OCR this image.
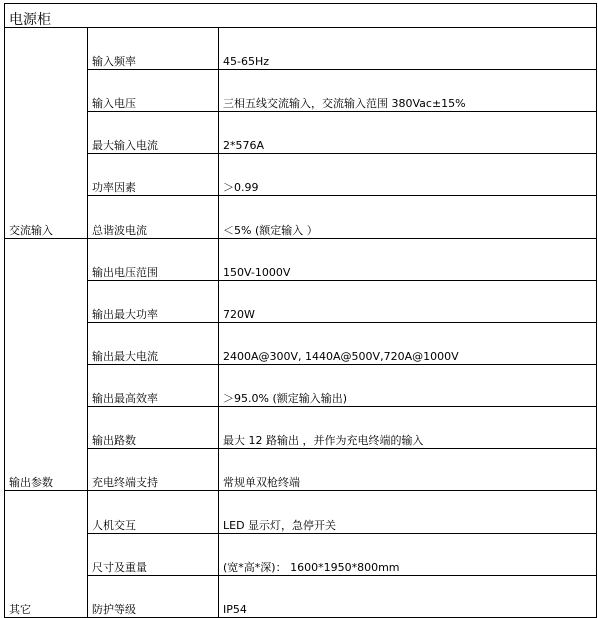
电源柜		
交流输入	输入频率	45-65Hz
	输入电压	三相五线交流输入，交流输入范围 380Vac±15%
	最大输入电流	2*576A
	功率因素	＞0.99
	总谐波电流	＜5% (额定输入 ）
输出参数	输出电压范围	150V-1000V
	输出最大功率	720W
	输出最大电流	2400A@300V, 1440A@500V,720A@1000V
	输出最高效率	＞95.0% (额定输入输出)
	输出路数	最大 12 路输出 ，并作为充电终端的输入
	充电终端支持	常规单双枪终端
其它	人机交互	LED 显示灯，急停开关
	尺寸及重量	(宽*高*深)： 1600*1950*800mm
	防护等级	IP54
